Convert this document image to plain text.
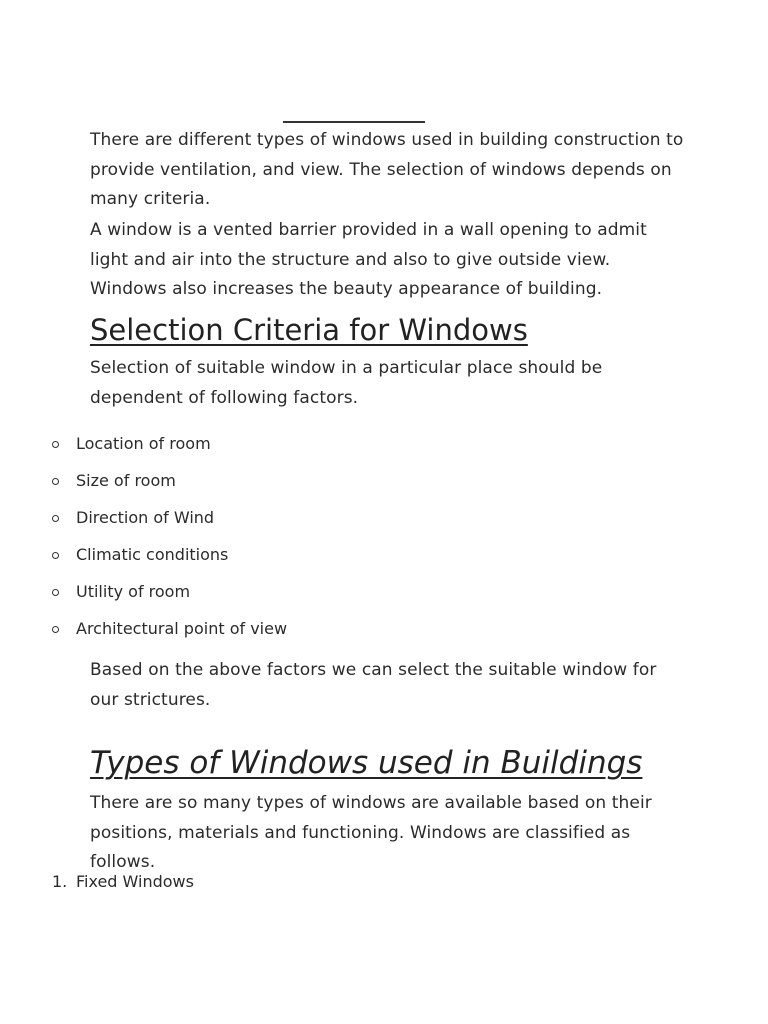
There are different types of windows used in building construction to provide ventilation, and view. The selection of windows depends on many criteria.

A window is a vented barrier provided in a wall opening to admit light and air into the structure and also to give outside view. Windows also increases the beauty appearance of building.

Selection Criteria for Windows

Selection of suitable window in a particular place should be dependent of following factors.

Location of room
Size of room
Direction of Wind
Climatic conditions
Utility of room
Architectural point of view

Based on the above factors we can select the suitable window for our strictures.

Types of Windows used in Buildings

There are so many types of windows are available based on their positions, materials and functioning. Windows are classified as follows.

1. Fixed Windows
